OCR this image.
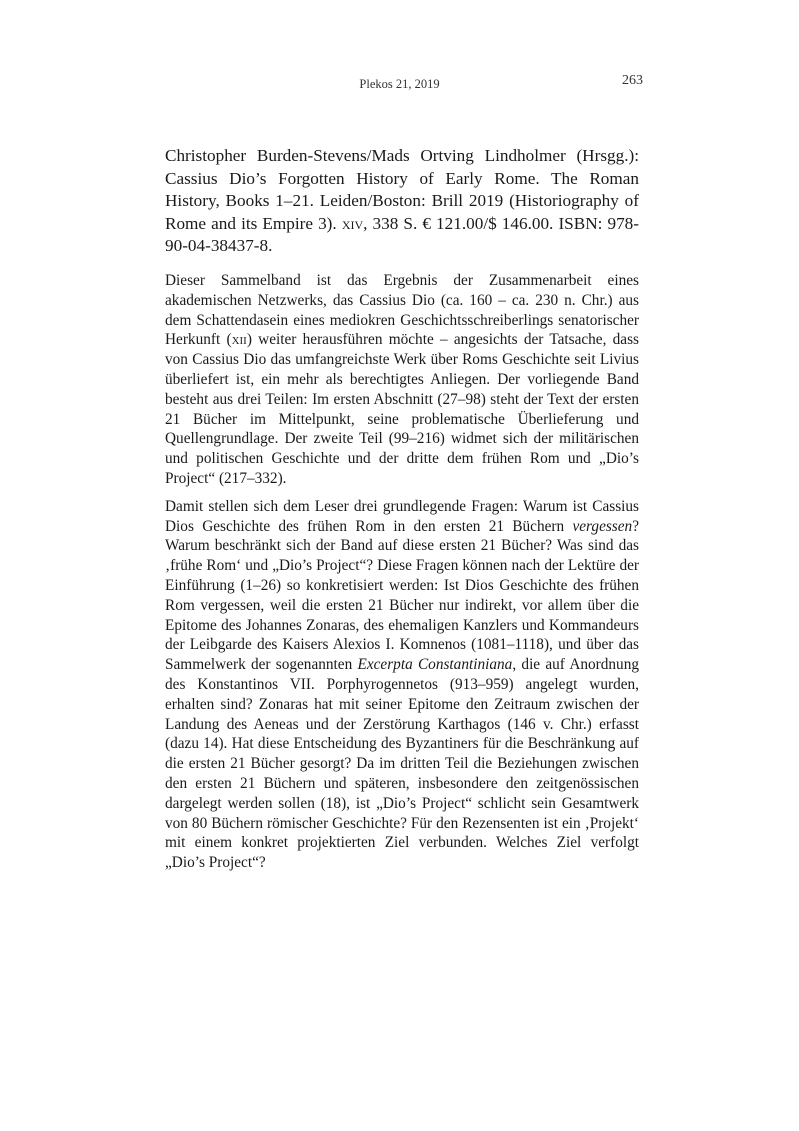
Plekos 21, 2019	263
Christopher Burden-Stevens/Mads Ortving Lindholmer (Hrsgg.): Cassius Dio’s Forgotten History of Early Rome. The Roman History, Books 1–21. Leiden/Boston: Brill 2019 (Historiography of Rome and its Empire 3). xiv, 338 S. € 121.00/$ 146.00. ISBN: 978-90-04-38437-8.

Dieser Sammelband ist das Ergebnis der Zusammenarbeit eines akademischen Netzwerks, das Cassius Dio (ca. 160 – ca. 230 n. Chr.) aus dem Schattendasein eines mediokren Geschichtsschreiberlings senatorischer Herkunft (xii) weiter herausführen möchte – angesichts der Tatsache, dass von Cassius Dio das umfangreichste Werk über Roms Geschichte seit Livius überliefert ist, ein mehr als berechtigtes Anliegen. Der vorliegende Band besteht aus drei Teilen: Im ersten Abschnitt (27–98) steht der Text der ersten 21 Bücher im Mittelpunkt, seine problematische Überlieferung und Quellengrundlage. Der zweite Teil (99–216) widmet sich der militärischen und politischen Geschichte und der dritte dem frühen Rom und „Dio’s Project“ (217–332).

Damit stellen sich dem Leser drei grundlegende Fragen: Warum ist Cassius Dios Geschichte des frühen Rom in den ersten 21 Büchern vergessen? Warum beschränkt sich der Band auf diese ersten 21 Bücher? Was sind das ‚frühe Rom‘ und „Dio’s Project“? Diese Fragen können nach der Lektüre der Einführung (1–26) so konkretisiert werden: Ist Dios Geschichte des frühen Rom vergessen, weil die ersten 21 Bücher nur indirekt, vor allem über die Epitome des Johannes Zonaras, des ehemaligen Kanzlers und Kommandeurs der Leibgarde des Kaisers Alexios I. Komnenos (1081–1118), und über das Sammelwerk der sogenannten Excerpta Constantiniana, die auf Anordnung des Konstantinos VII. Porphyrogennetos (913–959) angelegt wurden, erhalten sind? Zonaras hat mit seiner Epitome den Zeitraum zwischen der Landung des Aeneas und der Zerstörung Karthagos (146 v. Chr.) erfasst (dazu 14). Hat diese Entscheidung des Byzantiners für die Beschränkung auf die ersten 21 Bücher gesorgt? Da im dritten Teil die Beziehungen zwischen den ersten 21 Büchern und späteren, insbesondere den zeitgenössischen dargelegt werden sollen (18), ist „Dio’s Project“ schlicht sein Gesamtwerk von 80 Büchern römischer Geschichte? Für den Rezensenten ist ein ‚Projekt‘ mit einem konkret projektierten Ziel verbunden. Welches Ziel verfolgt „Dio’s Project“?
